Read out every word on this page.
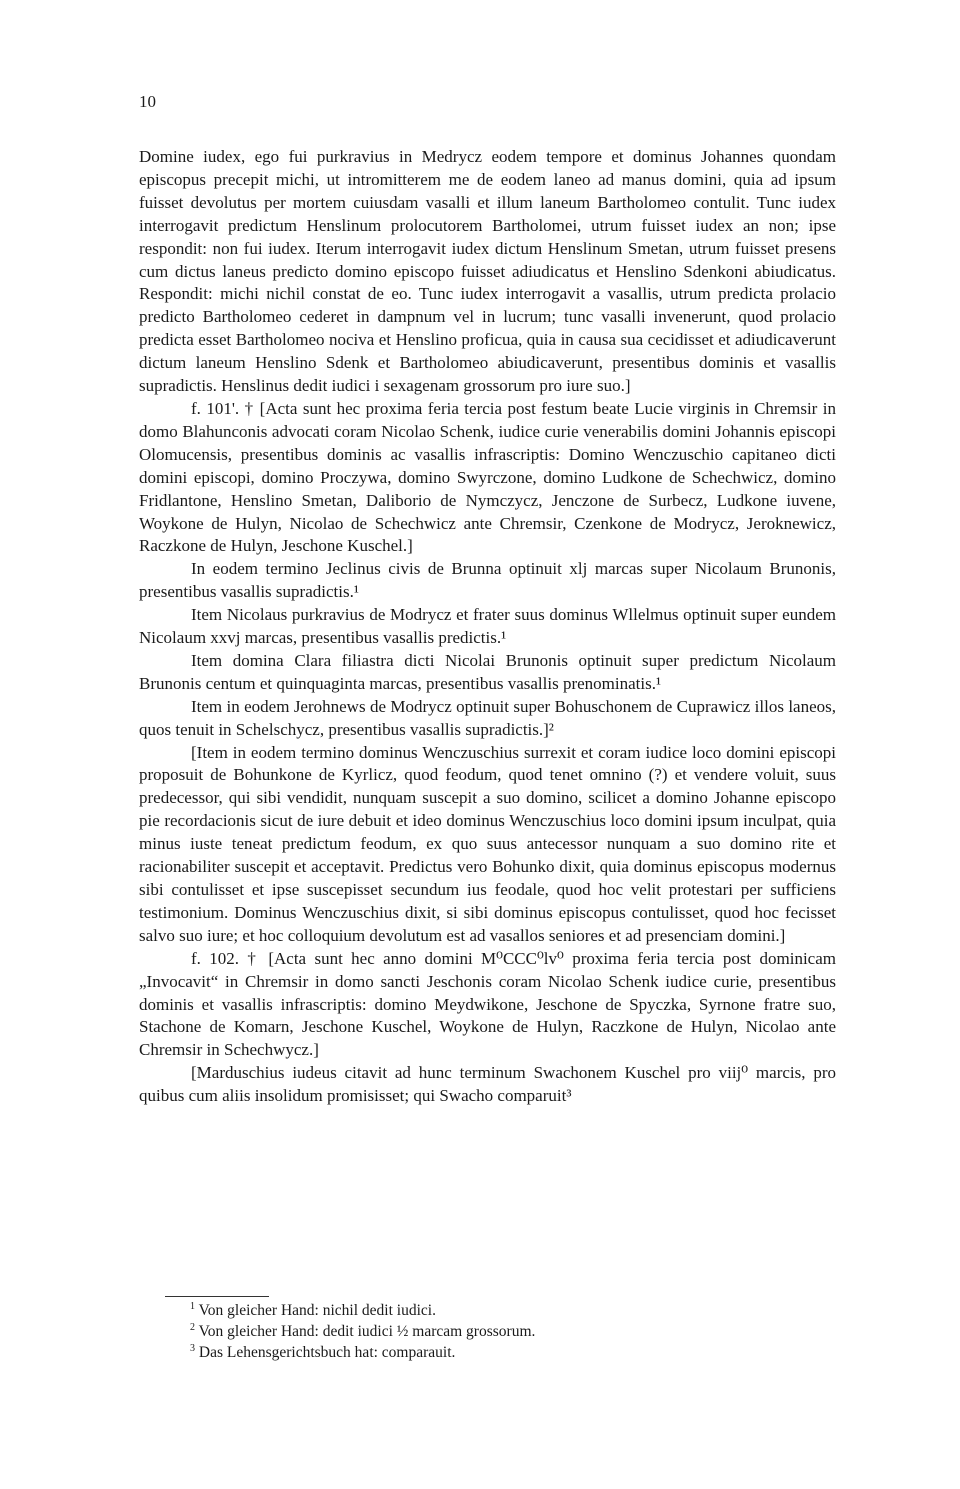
10

Domine iudex, ego fui purkravius in Medrycz eodem tempore et dominus Johannes quondam episcopus precepit michi, ut intromitterem me de eodem laneo ad manus domini, quia ad ipsum fuisset devolutus per mortem cuiusdam vasalli et illum laneum Bartholomeo contulit. Tunc iudex interrogavit predictum Henslinum prolocutorem Bartholomei, utrum fuisset iudex an non; ipse respondit: non fui iudex. Iterum interrogavit iudex dictum Henslinum Smetan, utrum fuisset presens cum dictus laneus predicto domino episcopo fuisset adiudicatus et Henslino Sdenkoni abiudicatus. Respondit: michi nichil constat de eo. Tunc iudex interrogavit a vasallis, utrum predicta prolacio predicto Bartholomeo cederet in dampnum vel in lucrum; tunc vasalli invenerunt, quod prolacio predicta esset Bartholomeo nociva et Henslino proficua, quia in causa sua cecidisset et adiudicaverunt dictum laneum Henslino Sdenk et Bartholomeo abiudicaverunt, presentibus dominis et vasallis supradictis. Henslinus dedit iudici i sexagenam grossorum pro iure suo.]

f. 101'. † [Acta sunt hec proxima feria tercia post festum beate Lucie virginis in Chremsir in domo Blahunconis advocati coram Nicolao Schenk, iudice curie venerabilis domini Johannis episcopi Olomucensis, presentibus dominis ac vasallis infrascriptis: Domino Wenczuschio capitaneo dicti domini episcopi, domino Proczywa, domino Swyrczone, domino Ludkone de Schechwicz, domino Fridlantone, Henslino Smetan, Daliborio de Nymczycz, Jenczone de Surbecz, Ludkone iuvene, Woykone de Hulyn, Nicolao de Schechwicz ante Chremsir, Czenkone de Modrycz, Jeroknewicz, Raczkone de Hulyn, Jeschone Kuschel.]

In eodem termino Jeclinus civis de Brunna optinuit xlj marcas super Nicolaum Brunonis, presentibus vasallis supradictis.¹

Item Nicolaus purkravius de Modrycz et frater suus dominus Wllelmus optinuit super eundem Nicolaum xxvj marcas, presentibus vasallis predictis.¹

Item domina Clara filiastra dicti Nicolai Brunonis optinuit super predictum Nicolaum Brunonis centum et quinquaginta marcas, presentibus vasallis prenominatis.¹

Item in eodem Jerohnews de Modrycz optinuit super Bohuschonem de Cuprawicz illos laneos, quos tenuit in Schelschycz, presentibus vasallis supradictis.]²

[Item in eodem termino dominus Wenczuschius surrexit et coram iudice loco domini episcopi proposuit de Bohunkone de Kyrlicz, quod feodum, quod tenet omnino (?) et vendere voluit, suus predecessor, qui sibi vendidit, nunquam suscepit a suo domino, scilicet a domino Johanne episcopo pie recordacionis sicut de iure debuit et ideo dominus Wenczuschius loco domini ipsum inculpat, quia minus iuste teneat predictum feodum, ex quo suus antecessor nunquam a suo domino rite et racionabiliter suscepit et acceptavit. Predictus vero Bohunko dixit, quia dominus episcopus modernus sibi contulisset et ipse suscepisset secundum ius feodale, quod hoc velit protestari per sufficiens testimonium. Dominus Wenczuschius dixit, si sibi dominus episcopus contulisset, quod hoc fecisset salvo suo iure; et hoc colloquium devolutum est ad vasallos seniores et ad presenciam domini.]

f. 102. † [Acta sunt hec anno domini M⁰CCC⁰lv⁰ proxima feria tercia post dominicam „Invocavit“ in Chremsir in domo sancti Jeschonis coram Nicolao Schenk iudice curie, presentibus dominis et vasallis infrascriptis: domino Meydwikone, Jeschone de Spyczka, Syrnone fratre suo, Stachone de Komarn, Jeschone Kuschel, Woykone de Hulyn, Raczkone de Hulyn, Nicolao ante Chremsir in Schechwycz.]

[Marduschius iudeus citavit ad hunc terminum Swachonem Kuschel pro viij⁰ marcis, pro quibus cum aliis insolidum promisisset; qui Swacho comparuit³

$^1$ Von gleicher Hand: nichil dedit iudici.

$^2$ Von gleicher Hand: dedit iudici ½ marcam grossorum.

$^3$ Das Lehensgerichtsbuch hat: comparauit.
